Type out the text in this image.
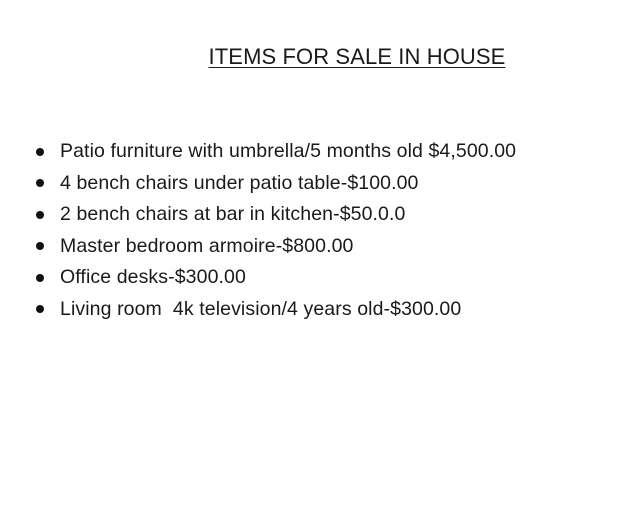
ITEMS FOR SALE IN HOUSE
Patio furniture with umbrella/5 months old $4,500.00
4 bench chairs under patio table-$100.00
2 bench chairs at bar in kitchen-$50.0.0
Master bedroom armoire-$800.00
Office desks-$300.00
Living room  4k television/4 years old-$300.00
